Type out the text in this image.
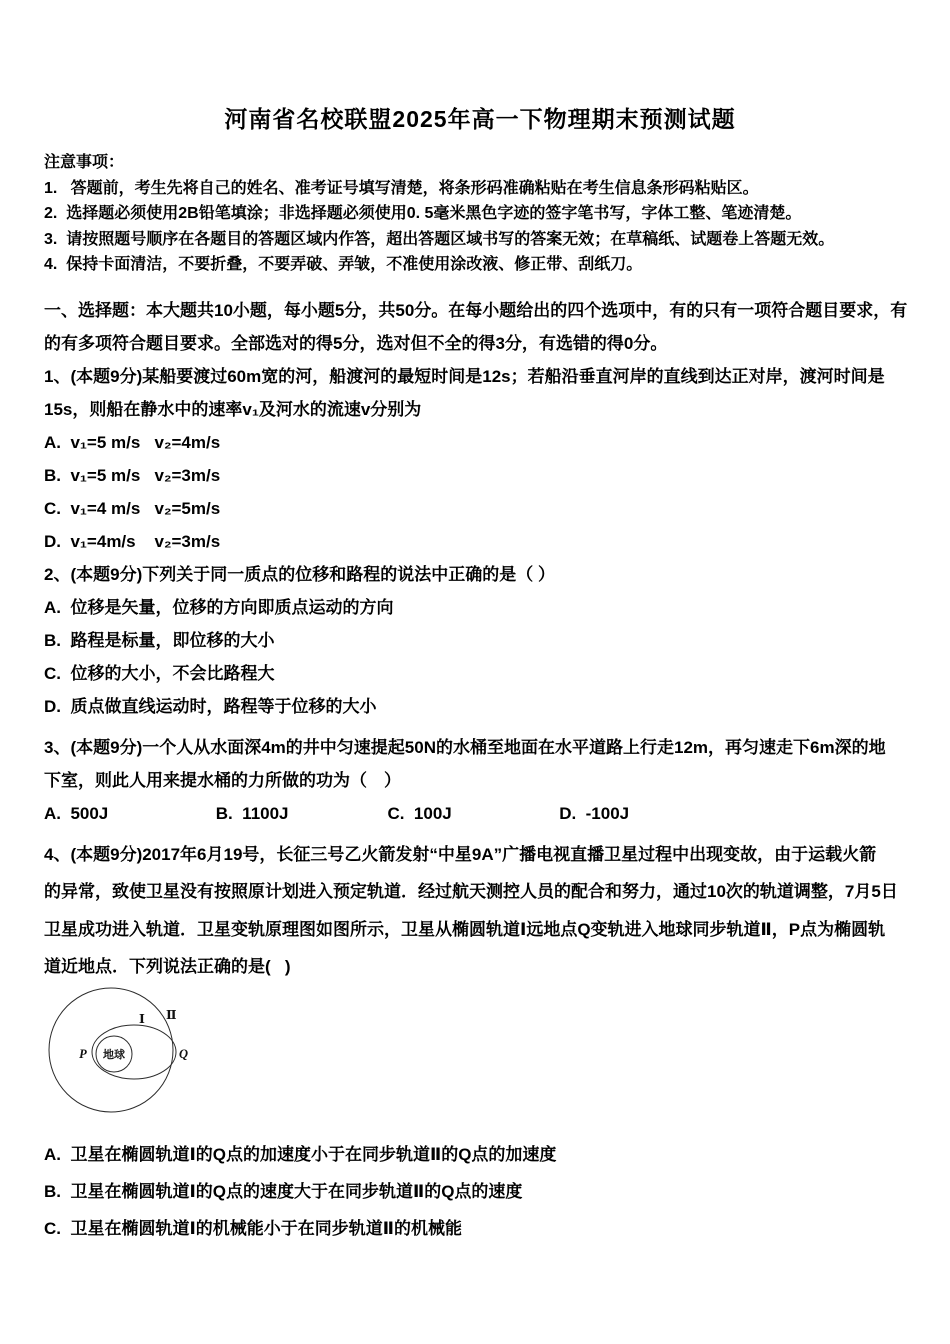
河南省名校联盟2025年高一下物理期末预测试题
注意事项：
1.   答题前，考生先将自己的姓名、准考证号填写清楚，将条形码准确粘贴在考生信息条形码粘贴区。
2.  选择题必须使用2B铅笔填涂；非选择题必须使用0. 5毫米黑色字迹的签字笔书写，字体工整、笔迹清楚。
3.  请按照题号顺序在各题目的答题区域内作答，超出答题区域书写的答案无效；在草稿纸、试题卷上答题无效。
4.  保持卡面清洁，不要折叠，不要弄破、弄皱，不准使用涂改液、修正带、刮纸刀。
一、选择题：本大题共10小题，每小题5分，共50分。在每小题给出的四个选项中，有的只有一项符合题目要求，有
的有多项符合题目要求。全部选对的得5分，选对但不全的得3分，有选错的得0分。
1、(本题9分)某船要渡过60m宽的河，船渡河的最短时间是12s；若船沿垂直河岸的直线到达正对岸，渡河时间是
15s，则船在静水中的速率v₁及河水的流速v分别为
A.  v₁=5 m/s   v₂=4m/s
B.  v₁=5 m/s   v₂=3m/s
C.  v₁=4 m/s   v₂=5m/s
D.  v₁=4m/s    v₂=3m/s
2、(本题9分)下列关于同一质点的位移和路程的说法中正确的是（ ）
A.  位移是矢量，位移的方向即质点运动的方向
B.  路程是标量，即位移的大小
C.  位移的大小，不会比路程大
D.  质点做直线运动时，路程等于位移的大小
3、(本题9分)一个人从水面深4m的井中匀速提起50N的水桶至地面在水平道路上行走12m，再匀速走下6m深的地
下室，则此人用来提水桶的力所做的功为（　）
A.  500J	B.  1100J	C.  100J	D.  -100J
4、(本题9分)2017年6月19号，长征三号乙火箭发射“中星9A”广播电视直播卫星过程中出现变故，由于运载火箭
的异常，致使卫星没有按照原计划进入预定轨道．经过航天测控人员的配合和努力，通过10次的轨道调整，7月5日
卫星成功进入轨道．卫星变轨原理图如图所示，卫星从椭圆轨道Ⅰ远地点Q变轨进入地球同步轨道Ⅱ，P点为椭圆轨
道近地点．下列说法正确的是(   )
地球
P	Q
Ⅰ Ⅱ
A.  卫星在椭圆轨道Ⅰ的Q点的加速度小于在同步轨道Ⅱ的Q点的加速度
B.  卫星在椭圆轨道Ⅰ的Q点的速度大于在同步轨道Ⅱ的Q点的速度
C.  卫星在椭圆轨道Ⅰ的机械能小于在同步轨道Ⅱ的机械能
